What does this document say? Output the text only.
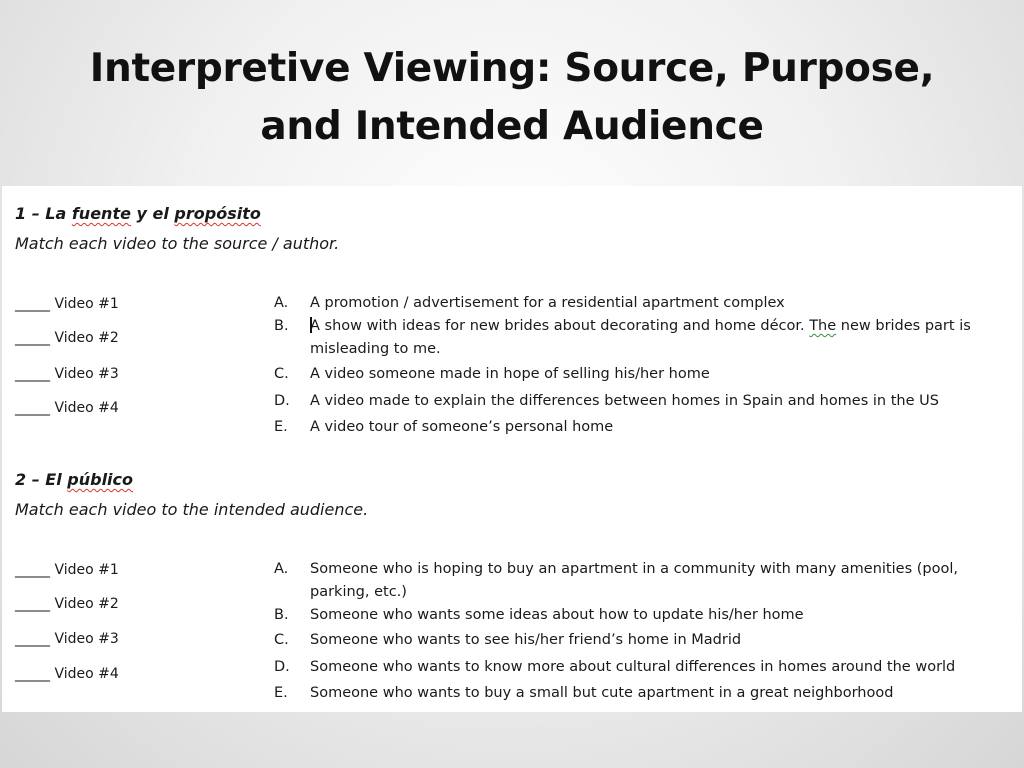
Interpretive Viewing: Source, Purpose,
and Intended Audience
1 – La fuente y el propósito
Match each video to the source / author.
_____ Video #1
_____ Video #2
_____ Video #3
_____ Video #4
A. A promotion / advertisement for a residential apartment complex
B. A show with ideas for new brides about decorating and home décor. The new brides part is misleading to me.
C. A video someone made in hope of selling his/her home
D. A video made to explain the differences between homes in Spain and homes in the US
E. A video tour of someone’s personal home
2 – El público
Match each video to the intended audience.
_____ Video #1
_____ Video #2
_____ Video #3
_____ Video #4
A. Someone who is hoping to buy an apartment in a community with many amenities (pool, parking, etc.)
B. Someone who wants some ideas about how to update his/her home
C. Someone who wants to see his/her friend’s home in Madrid
D. Someone who wants to know more about cultural differences in homes around the world
E. Someone who wants to buy a small but cute apartment in a great neighborhood
